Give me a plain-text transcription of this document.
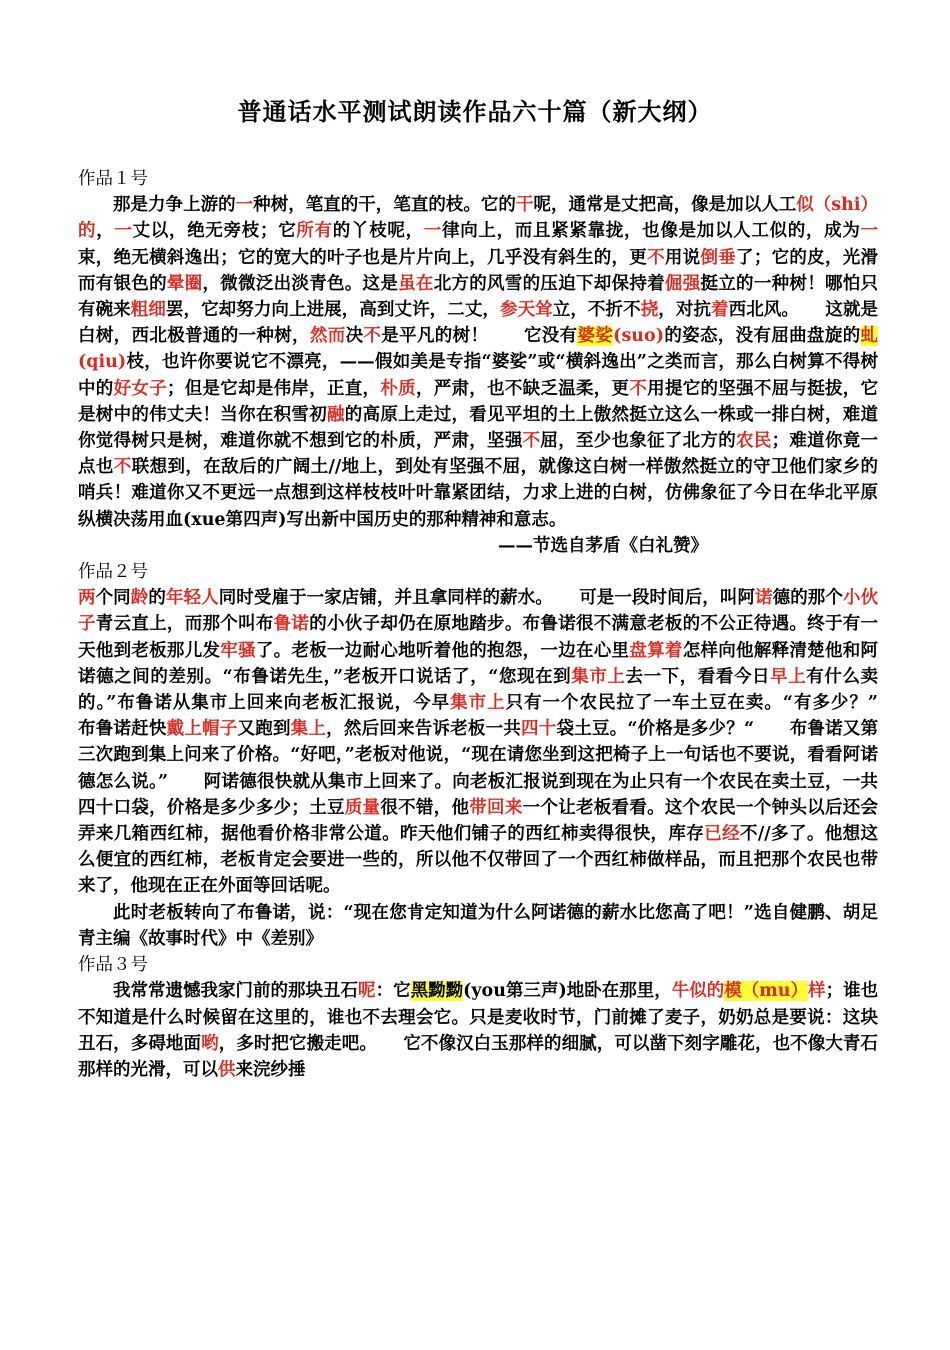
普通话水平测试朗读作品六十篇（新大纲）

作品１号

那是力争上游的一种树，笔直的干，笔直的枝。它的干呢，通常是丈把高，像是加以人工似（shi）的，一丈以，绝无旁枝；它所有的丫枝呢，一律向上，而且紧紧靠拢，也像是加以人工似的，成为一束，绝无横斜逸出；它的宽大的叶子也是片片向上，几乎没有斜生的，更不用说倒垂了；它的皮，光滑而有银色的晕圈，微微泛出淡青色。这是虽在北方的风雪的压迫下却保持着倔强挺立的一种树！哪怕只有碗来粗细罢，它却努力向上进展，高到丈许，二丈，参天耸立，不折不挠，对抗着西北风。　　这就是白树，西北极普通的一种树，然而决不是平凡的树！　　它没有婆娑(suo)的姿态，没有屈曲盘旋的虬(qiu)枝，也许你要说它不漂亮，——假如美是专指“婆娑”或“横斜逸出”之类而言，那么白树算不得树中的好女子；但是它却是伟岸，正直，朴质，严肃，也不缺乏温柔，更不用提它的坚强不屈与挺拔，它是树中的伟丈夫！当你在积雪初融的高原上走过，看见平坦的土上傲然挺立这么一株或一排白树，难道你觉得树只是树，难道你就不想到它的朴质，严肃，坚强不屈，至少也象征了北方的农民；难道你竟一点也不联想到，在敌后的广阔土//地上，到处有坚强不屈，就像这白树一样傲然挺立的守卫他们家乡的哨兵！难道你又不更远一点想到这样枝枝叶叶靠紧团结，力求上进的白树，仿佛象征了今日在华北平原纵横决荡用血(xue第四声)写出新中国历史的那种精神和意志。

——节选自茅盾《白礼赞》

作品２号

两个同龄的年轻人同时受雇于一家店铺，并且拿同样的薪水。　　可是一段时间后，叫阿诺德的那个小伙子青云直上，而那个叫布鲁诺的小伙子却仍在原地踏步。布鲁诺很不满意老板的不公正待遇。终于有一天他到老板那儿发牢骚了。老板一边耐心地听着他的抱怨，一边在心里盘算着怎样向他解释清楚他和阿诺德之间的差别。“布鲁诺先生，”老板开口说话了，“您现在到集市上去一下，看看今日早上有什么卖的。”布鲁诺从集市上回来向老板汇报说，今早集市上只有一个农民拉了一车土豆在卖。“有多少？”　　布鲁诺赶快戴上帽子又跑到集上，然后回来告诉老板一共四十袋土豆。“价格是多少？“　　布鲁诺又第三次跑到集上问来了价格。“好吧，”老板对他说，“现在请您坐到这把椅子上一句话也不要说，看看阿诺德怎么说。”　　阿诺德很快就从集市上回来了。向老板汇报说到现在为止只有一个农民在卖土豆，一共四十口袋，价格是多少多少；土豆质量很不错，他带回来一个让老板看看。这个农民一个钟头以后还会弄来几箱西红柿，据他看价格非常公道。昨天他们铺子的西红柿卖得很快，库存已经不//多了。他想这么便宜的西红柿，老板肯定会要进一些的，所以他不仅带回了一个西红柿做样品，而且把那个农民也带来了，他现在正在外面等回话呢。

此时老板转向了布鲁诺，说：“现在您肯定知道为什么阿诺德的薪水比您高了吧！”选自健鹏、胡足青主编《故事时代》中《差别》

作品３号

我常常遗憾我家门前的那块丑石呢：它黑黝黝(you第三声)地卧在那里，牛似的模（mu）样；谁也不知道是什么时候留在这里的，谁也不去理会它。只是麦收时节，门前摊了麦子，奶奶总是要说：这块丑石，多碍地面哟，多时把它搬走吧。　　它不像汉白玉那样的细腻，可以凿下刻字雕花，也不像大青石那样的光滑，可以供来浣纱捶
